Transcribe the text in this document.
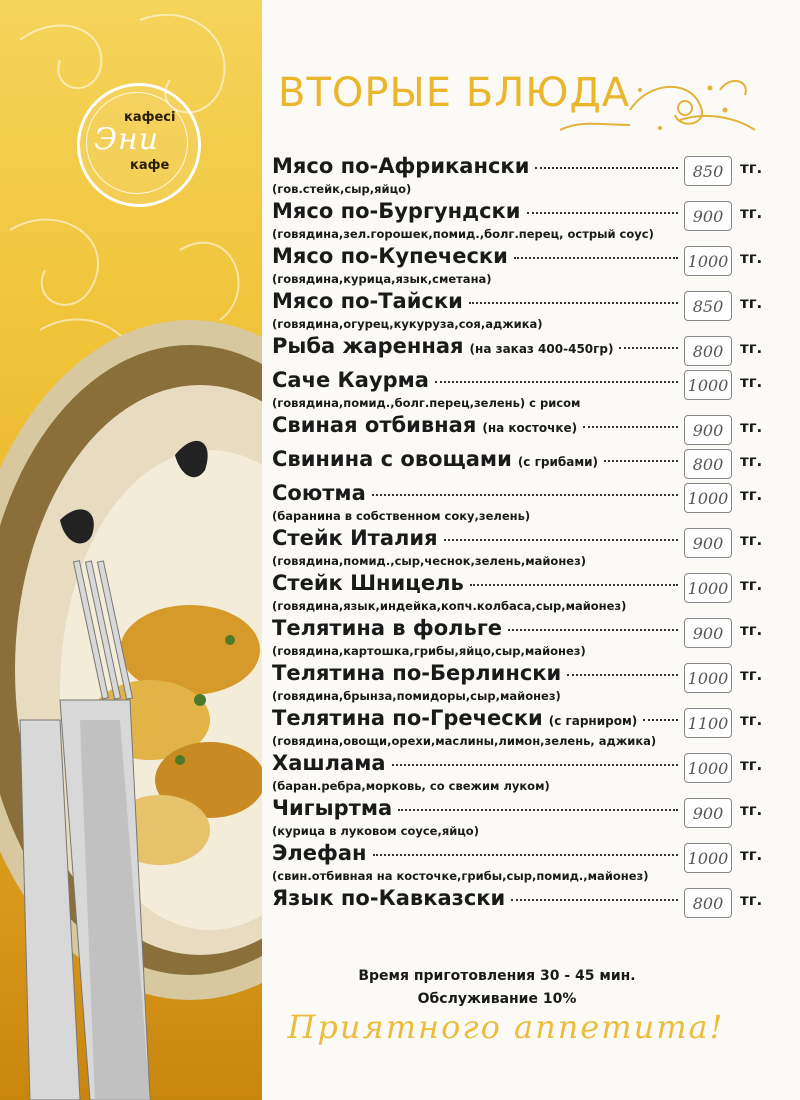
кафесі
Эни
кафе
ВТОРЫЕ БЛЮДА
Мясо по-Африкански	850	тг.
(гов.стейк,сыр,яйцо)
Мясо по-Бургундски	900	тг.
(говядина,зел.горошек,помид.,болг.перец, острый соус)
Мясо по-Купечески	1000 тг.
(говядина,курица,язык,сметана)
Мясо по-Тайски	850	тг.
(говядина,огурец,кукуруза,соя,аджика)
Рыба жаренная (на заказ 400-450гр)	800	тг.
Саче Каурма	1000 тг.
(говядина,помид.,болг.перец,зелень) с рисом
Свиная отбивная (на косточке)	900	тг.
Свинина с овощами (с грибами)	800	тг.
Соютма	1000 тг.
(баранина в собственном соку,зелень)
Стейк Италия	900	тг.
(говядина,помид.,сыр,чеснок,зелень,майонез)
Стейк Шницель	1000 тг.
(говядина,язык,индейка,копч.колбаса,сыр,майонез)
Телятина в фольге	900	тг.
(говядина,картошка,грибы,яйцо,сыр,майонез)
Телятина по-Берлински	1000 тг.
(говядина,брынза,помидоры,сыр,майонез)
Телятина по-Гречески (с гарниром)	1100 тг.
(говядина,овощи,орехи,маслины,лимон,зелень, аджика)
Хашлама	1000 тг.
(баран.ребра,морковь, со свежим луком)
Чигыртма	900	тг.
(курица в луковом соусе,яйцо)
Элефан	1000 тг.
(свин.отбивная на косточке,грибы,сыр,помид.,майонез)
Язык по-Кавказски	800	тг.
Время приготовления 30 - 45 мин.
Обслуживание 10%
Приятного аппетита!
